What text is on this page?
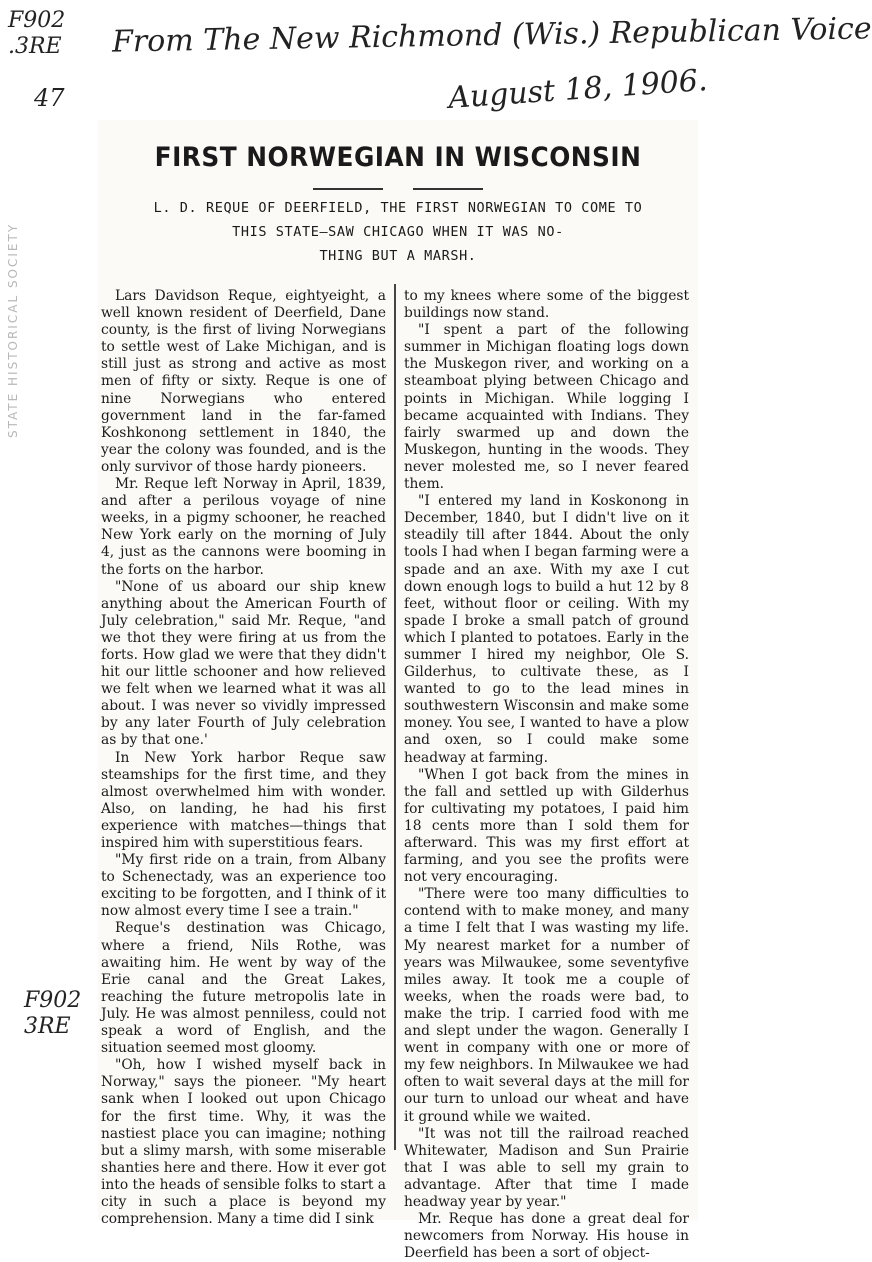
F902
.3RE
47
From The New Richmond (Wis.) Republican Voice
August 18, 1906.
F902
3RE
FIRST NORWEGIAN IN WISCONSIN
L. D. REQUE OF DEERFIELD, THE FIRST NORWEGIAN TO COME TO
THIS STATE—SAW CHICAGO WHEN IT WAS NO-
THING BUT A MARSH.

Lars Davidson Reque, eightyeight, a well known resident of Deerfield, Dane county, is the first of living Norwegians to settle west of Lake Michigan, and is still just as strong and active as most men of fifty or sixty. Reque is one of nine Norwegians who entered government land in the far-famed Koshkonong settlement in 1840, the year the colony was founded, and is the only survivor of those hardy pioneers.

Mr. Reque left Norway in April, 1839, and after a perilous voyage of nine weeks, in a pigmy schooner, he reached New York early on the morning of July 4, just as the cannons were booming in the forts on the harbor.

"None of us aboard our ship knew anything about the American Fourth of July celebration," said Mr. Reque, "and we thot they were firing at us from the forts. How glad we were that they didn't hit our little schooner and how relieved we felt when we learned what it was all about. I was never so vividly impressed by any later Fourth of July celebration as by that one.'

In New York harbor Reque saw steamships for the first time, and they almost overwhelmed him with wonder. Also, on landing, he had his first experience with matches—things that inspired him with superstitious fears.

"My first ride on a train, from Albany to Schenectady, was an experience too exciting to be forgotten, and I think of it now almost every time I see a train."

Reque's destination was Chicago, where a friend, Nils Rothe, was awaiting him. He went by way of the Erie canal and the Great Lakes, reaching the future metropolis late in July. He was almost penniless, could not speak a word of English, and the situation seemed most gloomy.

"Oh, how I wished myself back in Norway," says the pioneer. "My heart sank when I looked out upon Chicago for the first time. Why, it was the nastiest place you can imagine; nothing but a slimy marsh, with some miserable shanties here and there. How it ever got into the heads of sensible folks to start a city in such a place is beyond my comprehension. Many a time did I sink

to my knees where some of the biggest buildings now stand.

"I spent a part of the following summer in Michigan floating logs down the Muskegon river, and working on a steamboat plying between Chicago and points in Michigan. While logging I became acquainted with Indians. They fairly swarmed up and down the Muskegon, hunting in the woods. They never molested me, so I never feared them.

"I entered my land in Koskonong in December, 1840, but I didn't live on it steadily till after 1844. About the only tools I had when I began farming were a spade and an axe. With my axe I cut down enough logs to build a hut 12 by 8 feet, without floor or ceiling. With my spade I broke a small patch of ground which I planted to potatoes. Early in the summer I hired my neighbor, Ole S. Gilderhus, to cultivate these, as I wanted to go to the lead mines in southwestern Wisconsin and make some money. You see, I wanted to have a plow and oxen, so I could make some headway at farming.

"When I got back from the mines in the fall and settled up with Gilderhus for cultivating my potatoes, I paid him 18 cents more than I sold them for afterward. This was my first effort at farming, and you see the profits were not very encouraging.

"There were too many difficulties to contend with to make money, and many a time I felt that I was wasting my life. My nearest market for a number of years was Milwaukee, some seventyfive miles away. It took me a couple of weeks, when the roads were bad, to make the trip. I carried food with me and slept under the wagon. Generally I went in company with one or more of my few neighbors. In Milwaukee we had often to wait several days at the mill for our turn to unload our wheat and have it ground while we waited.

"It was not till the railroad reached Whitewater, Madison and Sun Prairie that I was able to sell my grain to advantage. After that time I made headway year by year."

Mr. Reque has done a great deal for newcomers from Norway. His house in Deerfield has been a sort of object-

STATE HISTORICAL SOCIETY
